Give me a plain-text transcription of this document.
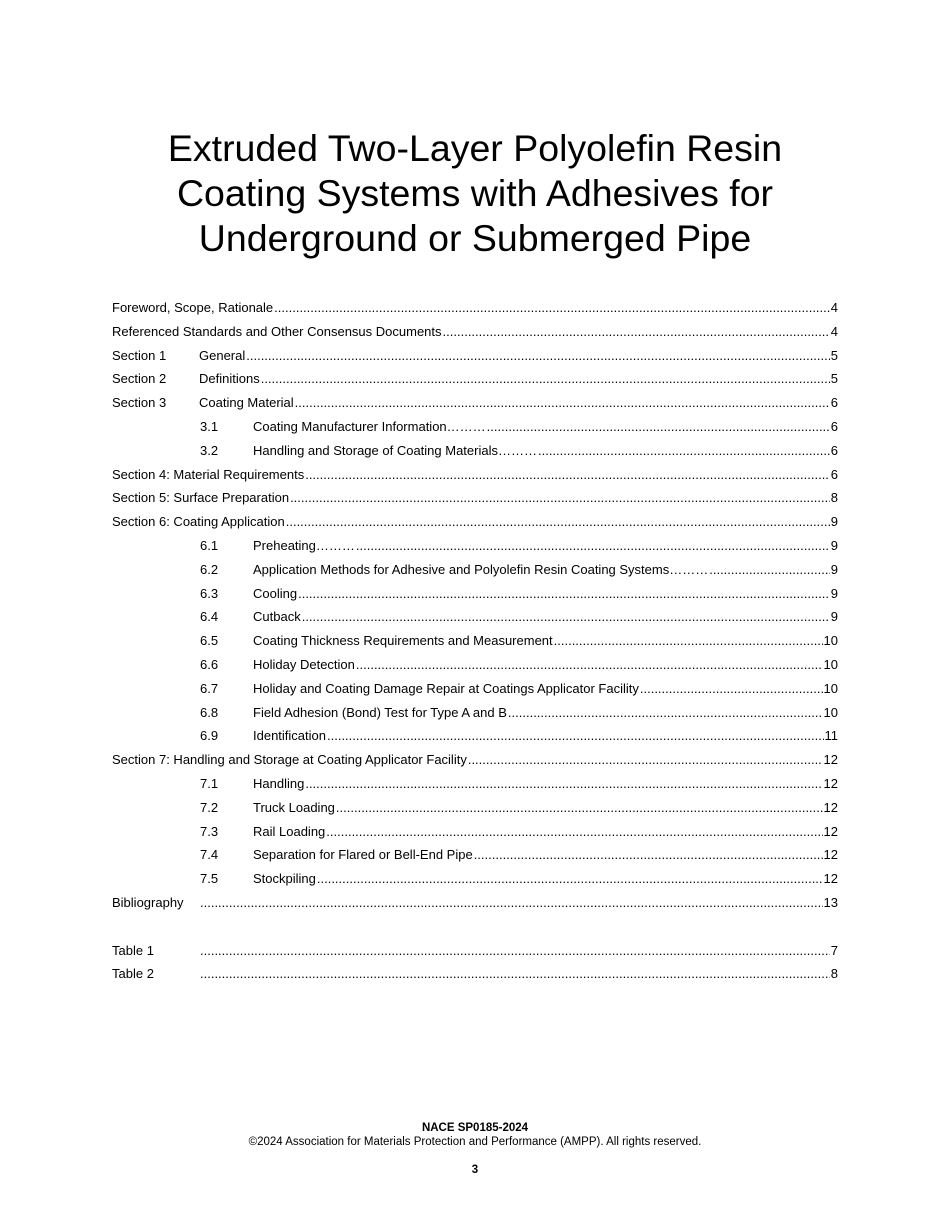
Extruded Two-Layer Polyolefin Resin
Coating Systems with Adhesives for
Underground or Submerged Pipe
Foreword, Scope, Rationale .....	4
Referenced Standards and Other Consensus Documents .....	4
Section 1	General .....	5
Section 2	Definitions .....	5
Section 3	Coating Material .....	6
3.1	Coating Manufacturer Information……… .....	6
3.2	Handling and Storage of Coating Materials……… .....	6
Section 4: Material Requirements .....	6
Section 5: Surface Preparation .....	8
Section 6: Coating Application .....	9
6.1	Preheating……… .....	9
6.2	Application Methods for Adhesive and Polyolefin Resin Coating Systems……… .....	9
6.3	Cooling .....	9
6.4	Cutback .....	9
6.5	Coating Thickness Requirements and Measurement .....	10
6.6	Holiday Detection .....	10
6.7	Holiday and Coating Damage Repair at Coatings Applicator Facility .....	10
6.8	Field Adhesion (Bond) Test for Type A and B .....	10
6.9	Identification .....	11
Section 7: Handling and Storage at Coating Applicator Facility .....	12
7.1	Handling .....	12
7.2	Truck Loading .....	12
7.3	Rail Loading .....	12
7.4	Separation for Flared or Bell-End Pipe .....	12
7.5	Stockpiling .....	12
Bibliography .....	13
Table 1 .....	7
Table 2 .....	8
NACE SP0185-2024
©2024 Association for Materials Protection and Performance (AMPP). All rights reserved.
3
